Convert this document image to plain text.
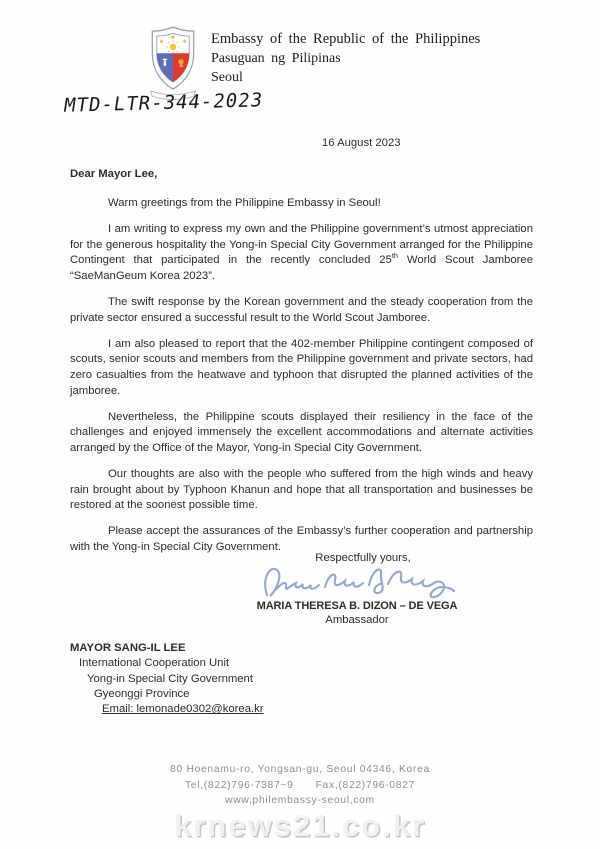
★
★	★ Embassy of the Republic of the Philippines
Pasuguan ng Pilipinas
Seoul
MTD-LTR-344-2023
16 August 2023
Dear Mayor Lee,

Warm greetings from the Philippine Embassy in Seoul!

I am writing to express my own and the Philippine government’s utmost appreciation for the generous hospitality the Yong-in Special City Government arranged for the Philippine Contingent that participated in the recently concluded 25th World Scout Jamboree “SaeManGeum Korea 2023”.

The swift response by the Korean government and the steady cooperation from the private sector ensured a successful result to the World Scout Jamboree.

I am also pleased to report that the 402-member Philippine contingent composed of scouts, senior scouts and members from the Philippine government and private sectors, had zero casualties from the heatwave and typhoon that disrupted the planned activities of the jamboree.

Nevertheless, the Philippine scouts displayed their resiliency in the face of the challenges and enjoyed immensely the excellent accommodations and alternate activities arranged by the Office of the Mayor, Yong-in Special City Government.

Our thoughts are also with the people who suffered from the high winds and heavy rain brought about by Typhoon Khanun and hope that all transportation and businesses be restored at the soonest possible time.

Please accept the assurances of the Embassy’s further cooperation and partnership with the Yong-in Special City Government.

Respectfully yours,
MARIA THERESA B. DIZON – DE VEGA
Ambassador
MAYOR SANG-IL LEE
International Cooperation Unit
Yong-in Special City Government
Gyeonggi Province
Email: lemonade0302@korea.kr
80 Hoenamu-ro, Yongsan-gu, Seoul 04346, Korea
Tel,(822)796-7387~9 Fax,(822)796-0827
www,philembassy-seoul,com
krnews21.co.kr
